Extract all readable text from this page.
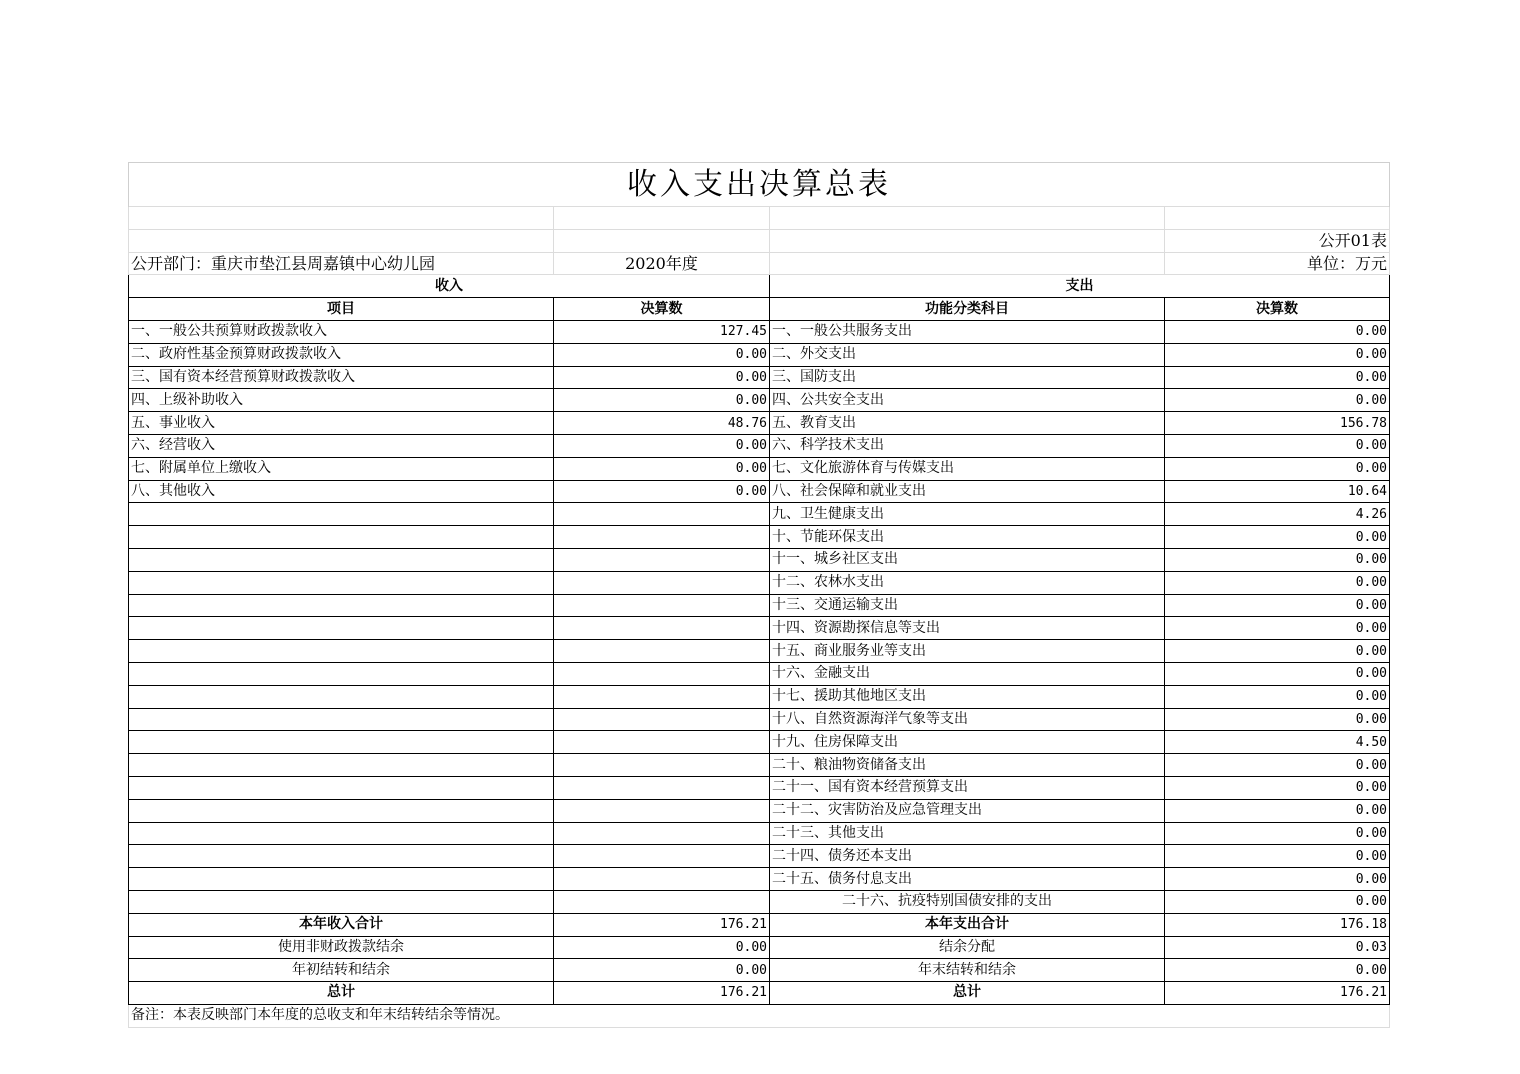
收入支出决算总表			

			公开01表
公开部门：重庆市垫江县周嘉镇中心幼儿园	2020年度		单位：万元
收入		支出	
项目	决算数	功能分类科目	决算数
一、一般公共预算财政拨款收入	127.45	一、一般公共服务支出	0.00
二、政府性基金预算财政拨款收入	0.00	二、外交支出	0.00
三、国有资本经营预算财政拨款收入	0.00	三、国防支出	0.00
四、上级补助收入	0.00	四、公共安全支出	0.00
五、事业收入	48.76	五、教育支出	156.78
六、经营收入	0.00	六、科学技术支出	0.00
七、附属单位上缴收入	0.00	七、文化旅游体育与传媒支出	0.00
八、其他收入	0.00	八、社会保障和就业支出	10.64
		九、卫生健康支出	4.26
		十、节能环保支出	0.00
		十一、城乡社区支出	0.00
		十二、农林水支出	0.00
		十三、交通运输支出	0.00
		十四、资源勘探信息等支出	0.00
		十五、商业服务业等支出	0.00
		十六、金融支出	0.00
		十七、援助其他地区支出	0.00
		十八、自然资源海洋气象等支出	0.00
		十九、住房保障支出	4.50
		二十、粮油物资储备支出	0.00
		二十一、国有资本经营预算支出	0.00
		二十二、灾害防治及应急管理支出	0.00
		二十三、其他支出	0.00
		二十四、债务还本支出	0.00
		二十五、债务付息支出	0.00
		二十六、抗疫特别国债安排的支出	0.00
本年收入合计	176.21	本年支出合计	176.18
使用非财政拨款结余	0.00	结余分配	0.03
年初结转和结余	0.00	年末结转和结余	0.00
总计	176.21	总计	176.21
备注：本表反映部门本年度的总收支和年末结转结余等情况。			
